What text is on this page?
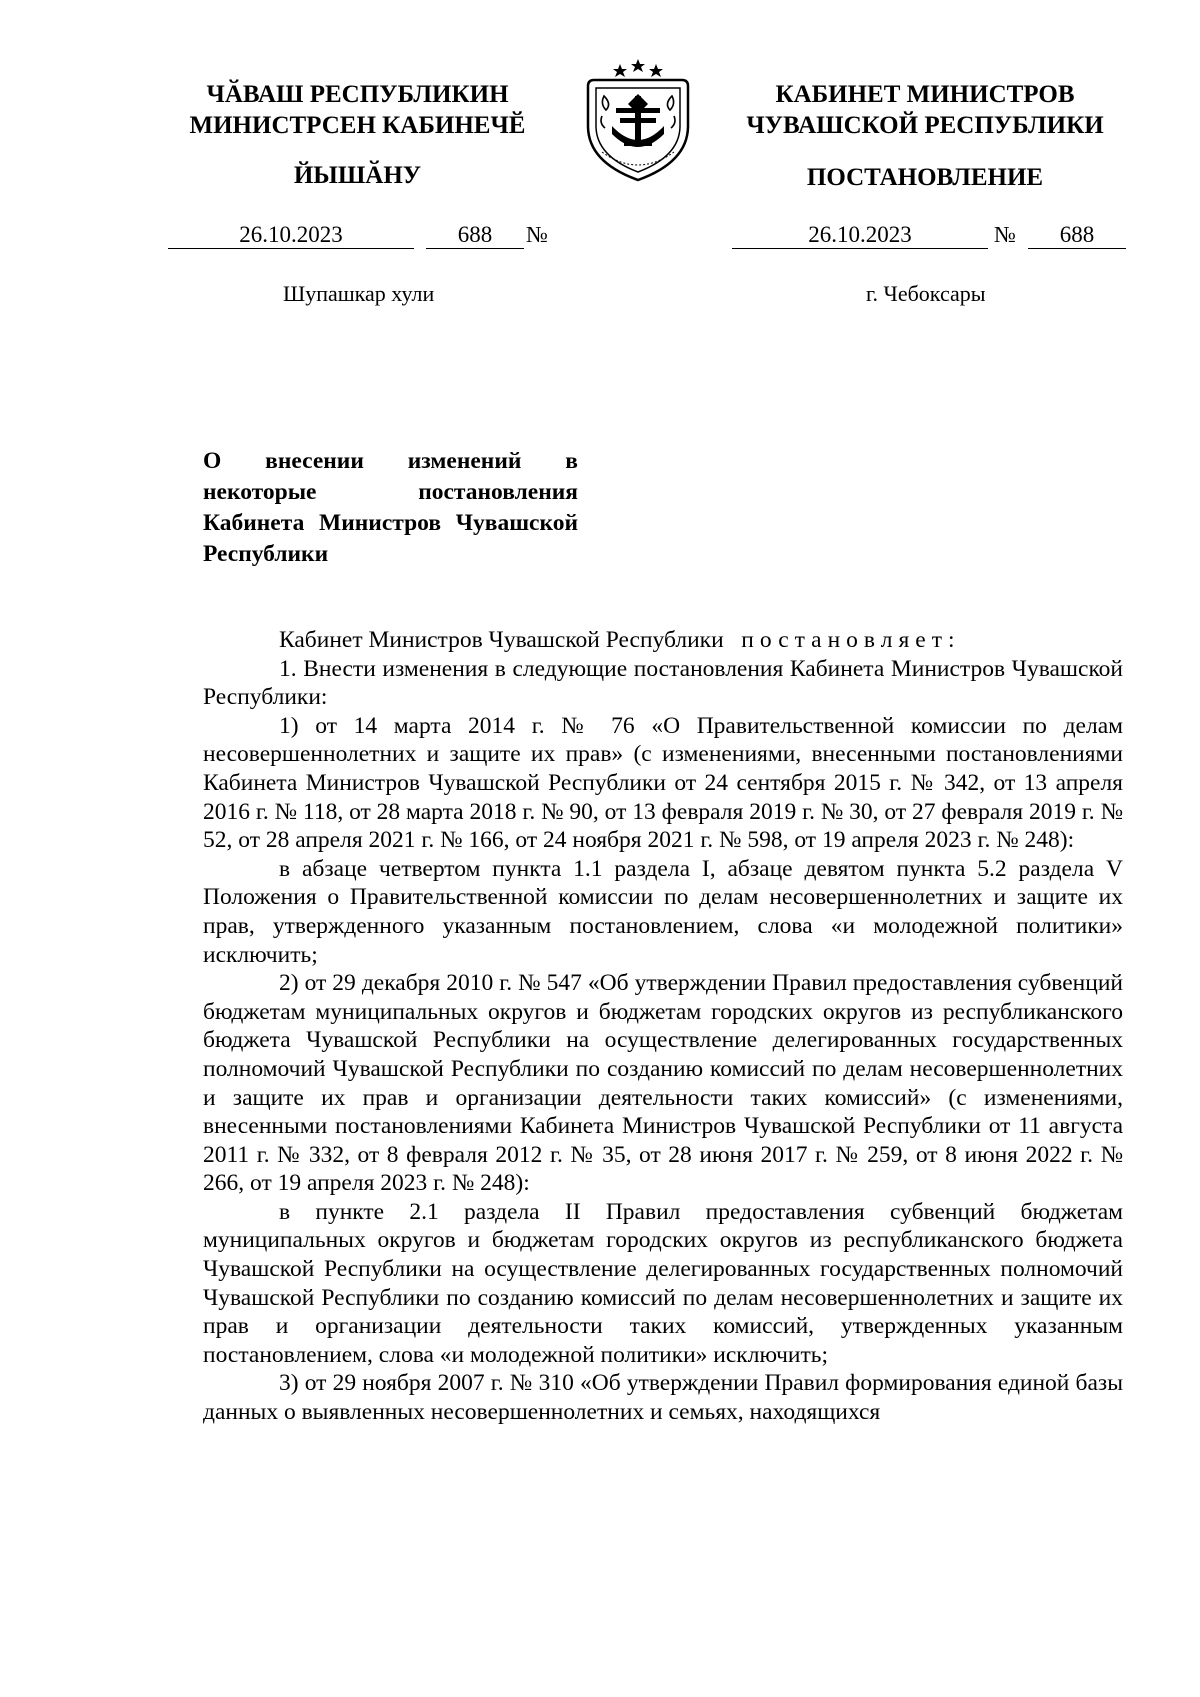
ЧӐВАШ РЕСПУБЛИКИН
МИНИСТРСЕН КАБИНЕЧӖ
ЙЫШӐНУ
КАБИНЕТ МИНИСТРОВ
ЧУВАШСКОЙ РЕСПУБЛИКИ
ПОСТАНОВЛЕНИЕ
26.10.2023	688	№	26.10.2023	№	688
Шупашкар хули	г. Чебоксары
О внесении изменений в некоторые постановления Кабинета Министров Чувашской Республики

Кабинет Министров Чувашской Республики постановляет:

1. Внести изменения в следующие постановления Кабинета Министров Чувашской Республики:

1) от 14 марта 2014 г. № 76 «О Правительственной комиссии по делам несовершеннолетних и защите их прав» (с изменениями, внесенными постановлениями Кабинета Министров Чувашской Республики от 24 сентября 2015 г. № 342, от 13 апреля 2016 г. № 118, от 28 марта 2018 г. № 90, от 13 февраля 2019 г. № 30, от 27 февраля 2019 г. № 52, от 28 апреля 2021 г. № 166, от 24 ноября 2021 г. № 598, от 19 апреля 2023 г. № 248):

в абзаце четвертом пункта 1.1 раздела I, абзаце девятом пункта 5.2 раздела V Положения о Правительственной комиссии по делам несовершеннолетних и защите их прав, утвержденного указанным постановлением, слова «и молодежной политики» исключить;

2) от 29 декабря 2010 г. № 547 «Об утверждении Правил предоставления субвенций бюджетам муниципальных округов и бюджетам городских округов из республиканского бюджета Чувашской Республики на осуществление делегированных государственных полномочий Чувашской Республики по созданию комиссий по делам несовершеннолетних и защите их прав и организации деятельности таких комиссий» (с изменениями, внесенными постановлениями Кабинета Министров Чувашской Республики от 11 августа 2011 г. № 332, от 8 февраля 2012 г. № 35, от 28 июня 2017 г. № 259, от 8 июня 2022 г. № 266, от 19 апреля 2023 г. № 248):

в пункте 2.1 раздела II Правил предоставления субвенций бюджетам муниципальных округов и бюджетам городских округов из республиканского бюджета Чувашской Республики на осуществление делегированных государственных полномочий Чувашской Республики по созданию комиссий по делам несовершеннолетних и защите их прав и организации деятельности таких комиссий, утвержденных указанным постановлением, слова «и молодежной политики» исключить;

3) от 29 ноября 2007 г. № 310 «Об утверждении Правил формирования единой базы данных о выявленных несовершеннолетних и семьях, находящихся
